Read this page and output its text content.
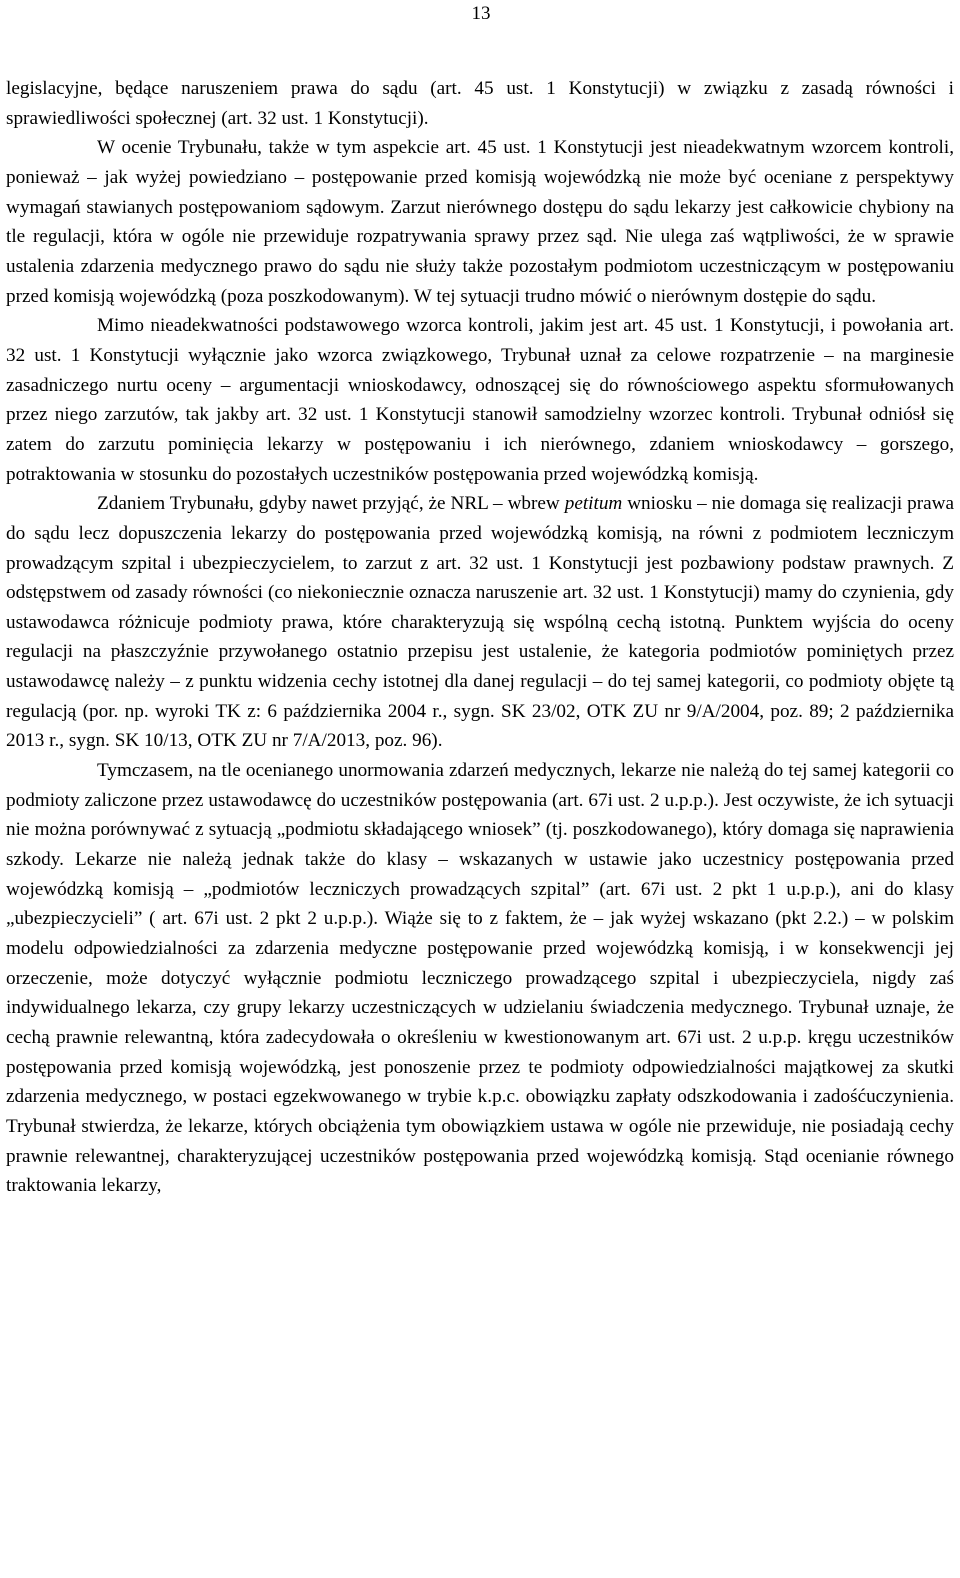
13

legislacyjne, będące naruszeniem prawa do sądu (art. 45 ust. 1 Konstytucji) w związku z zasadą równości i sprawiedliwości społecznej (art. 32 ust. 1 Konstytucji).

W ocenie Trybunału, także w tym aspekcie art. 45 ust. 1 Konstytucji jest nieadekwatnym wzorcem kontroli, ponieważ – jak wyżej powiedziano – postępowanie przed komisją wojewódzką nie może być oceniane z perspektywy wymagań stawianych postępowaniom sądowym. Zarzut nierównego dostępu do sądu lekarzy jest całkowicie chybiony na tle regulacji, która w ogóle nie przewiduje rozpatrywania sprawy przez sąd. Nie ulega zaś wątpliwości, że w sprawie ustalenia zdarzenia medycznego prawo do sądu nie służy także pozostałym podmiotom uczestniczącym w postępowaniu przed komisją wojewódzką (poza poszkodowanym). W tej sytuacji trudno mówić o nierównym dostępie do sądu.

Mimo nieadekwatności podstawowego wzorca kontroli, jakim jest art. 45 ust. 1 Konstytucji, i powołania art. 32 ust. 1 Konstytucji wyłącznie jako wzorca związkowego, Trybunał uznał za celowe rozpatrzenie – na marginesie zasadniczego nurtu oceny – argumentacji wnioskodawcy, odnoszącej się do równościowego aspektu sformułowanych przez niego zarzutów, tak jakby art. 32 ust. 1 Konstytucji stanowił samodzielny wzorzec kontroli. Trybunał odniósł się zatem do zarzutu pominięcia lekarzy w postępowaniu i ich nierównego, zdaniem wnioskodawcy – gorszego, potraktowania w stosunku do pozostałych uczestników postępowania przed wojewódzką komisją.

Zdaniem Trybunału, gdyby nawet przyjąć, że NRL – wbrew petitum wniosku – nie domaga się realizacji prawa do sądu lecz dopuszczenia lekarzy do postępowania przed wojewódzką komisją, na równi z podmiotem leczniczym prowadzącym szpital i ubezpieczycielem, to zarzut z art. 32 ust. 1 Konstytucji jest pozbawiony podstaw prawnych. Z odstępstwem od zasady równości (co niekoniecznie oznacza naruszenie art. 32 ust. 1 Konstytucji) mamy do czynienia, gdy ustawodawca różnicuje podmioty prawa, które charakteryzują się wspólną cechą istotną. Punktem wyjścia do oceny regulacji na płaszczyźnie przywołanego ostatnio przepisu jest ustalenie, że kategoria podmiotów pominiętych przez ustawodawcę należy – z punktu widzenia cechy istotnej dla danej regulacji – do tej samej kategorii, co podmioty objęte tą regulacją (por. np. wyroki TK z: 6 października 2004 r., sygn. SK 23/02, OTK ZU nr 9/A/2004, poz. 89; 2 października 2013 r., sygn. SK 10/13, OTK ZU nr 7/A/2013, poz. 96).

Tymczasem, na tle ocenianego unormowania zdarzeń medycznych, lekarze nie należą do tej samej kategorii co podmioty zaliczone przez ustawodawcę do uczestników postępowania (art. 67i ust. 2 u.p.p.). Jest oczywiste, że ich sytuacji nie można porównywać z sytuacją „podmiotu składającego wniosek” (tj. poszkodowanego), który domaga się naprawienia szkody. Lekarze nie należą jednak także do klasy – wskazanych w ustawie jako uczestnicy postępowania przed wojewódzką komisją – „podmiotów leczniczych prowadzących szpital” (art. 67i ust. 2 pkt 1 u.p.p.), ani do klasy „ubezpieczycieli” ( art. 67i ust. 2 pkt 2 u.p.p.). Wiąże się to z faktem, że – jak wyżej wskazano (pkt 2.2.) – w polskim modelu odpowiedzialności za zdarzenia medyczne postępowanie przed wojewódzką komisją, i w konsekwencji jej orzeczenie, może dotyczyć wyłącznie podmiotu leczniczego prowadzącego szpital i ubezpieczyciela, nigdy zaś indywidualnego lekarza, czy grupy lekarzy uczestniczących w udzielaniu świadczenia medycznego. Trybunał uznaje, że cechą prawnie relewantną, która zadecydowała o określeniu w kwestionowanym art. 67i ust. 2 u.p.p. kręgu uczestników postępowania przed komisją wojewódzką, jest ponoszenie przez te podmioty odpowiedzialności majątkowej za skutki zdarzenia medycznego, w postaci egzekwowanego w trybie k.p.c. obowiązku zapłaty odszkodowania i zadośćuczynienia. Trybunał stwierdza, że lekarze, których obciążenia tym obowiązkiem ustawa w ogóle nie przewiduje, nie posiadają cechy prawnie relewantnej, charakteryzującej uczestników postępowania przed wojewódzką komisją. Stąd ocenianie równego traktowania lekarzy,
